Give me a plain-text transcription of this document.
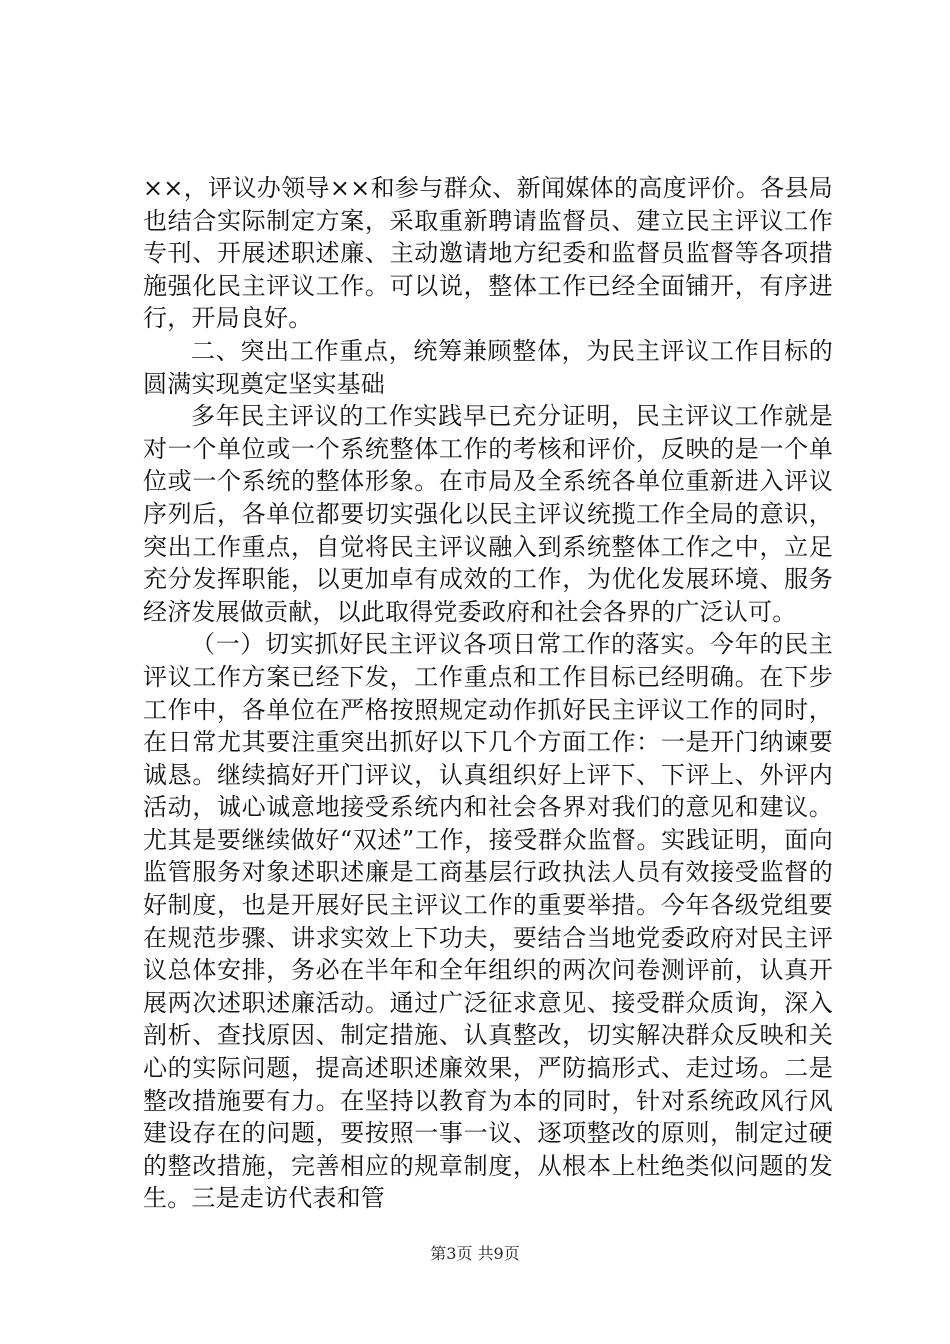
××，评议办领导××和参与群众、新闻媒体的高度评价。各县局也结合实际制定方案，采取重新聘请监督员、建立民主评议工作专刊、开展述职述廉、主动邀请地方纪委和监督员监督等各项措施强化民主评议工作。可以说，整体工作已经全面铺开，有序进行，开局良好。

二、突出工作重点，统筹兼顾整体，为民主评议工作目标的圆满实现奠定坚实基础

多年民主评议的工作实践早已充分证明，民主评议工作就是对一个单位或一个系统整体工作的考核和评价，反映的是一个单位或一个系统的整体形象。在市局及全系统各单位重新进入评议序列后，各单位都要切实强化以民主评议统揽工作全局的意识，突出工作重点，自觉将民主评议融入到系统整体工作之中，立足充分发挥职能，以更加卓有成效的工作，为优化发展环境、服务经济发展做贡献，以此取得党委政府和社会各界的广泛认可。

（一）切实抓好民主评议各项日常工作的落实。今年的民主评议工作方案已经下发，工作重点和工作目标已经明确。在下步工作中，各单位在严格按照规定动作抓好民主评议工作的同时，在日常尤其要注重突出抓好以下几个方面工作：一是开门纳谏要诚恳。继续搞好开门评议，认真组织好上评下、下评上、外评内活动，诚心诚意地接受系统内和社会各界对我们的意见和建议。尤其是要继续做好“双述”工作，接受群众监督。实践证明，面向监管服务对象述职述廉是工商基层行政执法人员有效接受监督的好制度，也是开展好民主评议工作的重要举措。今年各级党组要在规范步骤、讲求实效上下功夫，要结合当地党委政府对民主评议总体安排，务必在半年和全年组织的两次问卷测评前，认真开展两次述职述廉活动。通过广泛征求意见、接受群众质询，深入剖析、查找原因、制定措施、认真整改，切实解决群众反映和关心的实际问题，提高述职述廉效果，严防搞形式、走过场。二是整改措施要有力。在坚持以教育为本的同时，针对系统政风行风建设存在的问题，要按照一事一议、逐项整改的原则，制定过硬的整改措施，完善相应的规章制度，从根本上杜绝类似问题的发生。三是走访代表和管

第3页 共9页
